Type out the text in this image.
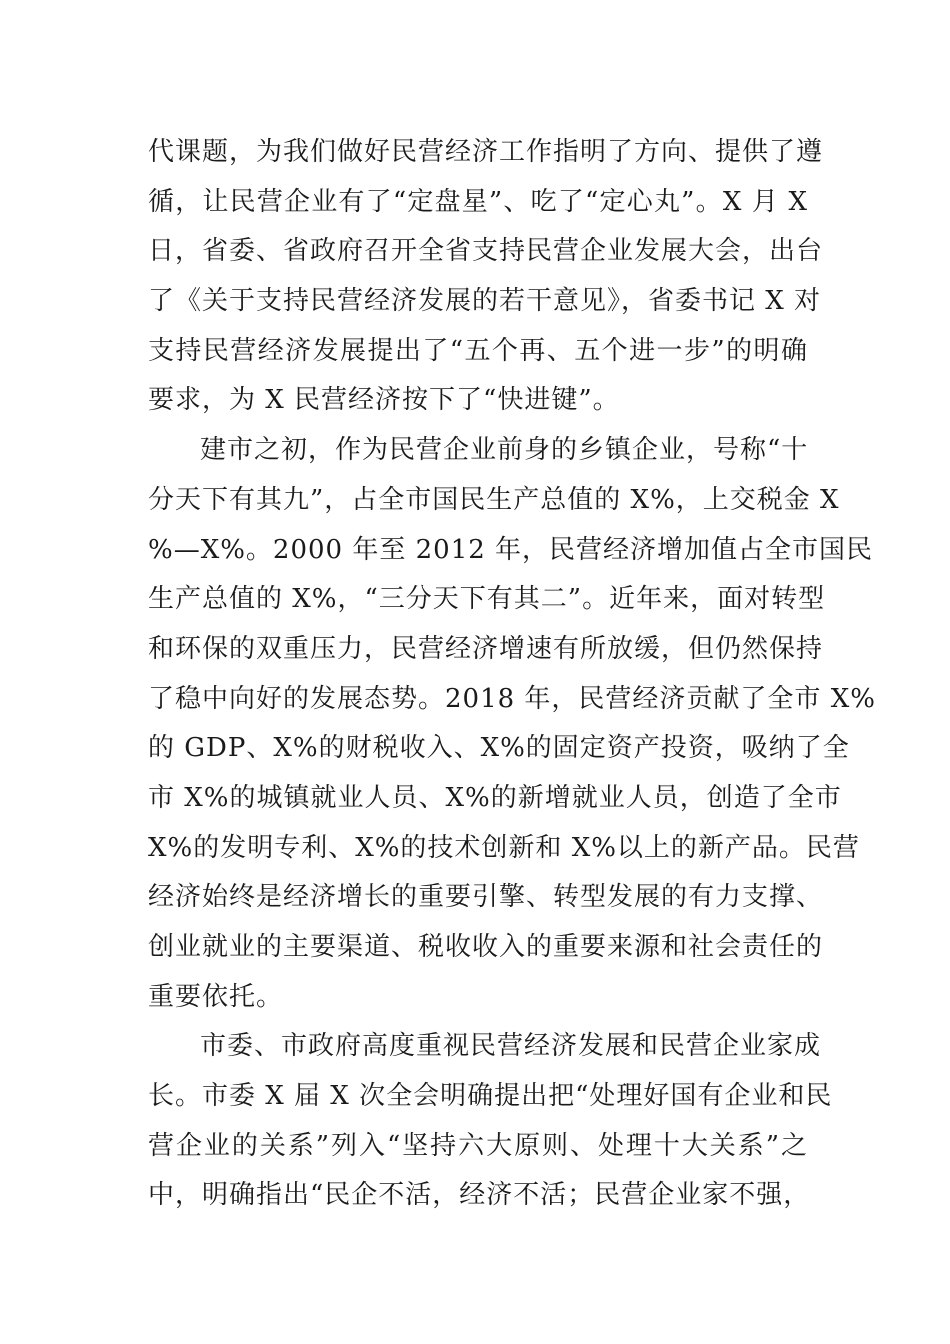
代课题，为我们做好民营经济工作指明了方向、提供了遵
循，让民营企业有了“定盘星”、吃了“定心丸”。X 月 X
日，省委、省政府召开全省支持民营企业发展大会，出台
了《关于支持民营经济发展的若干意见》，省委书记 X 对
支持民营经济发展提出了“五个再、五个进一步”的明确
要求，为 X 民营经济按下了“快进键”。
建市之初，作为民营企业前身的乡镇企业，号称“十
分天下有其九”，占全市国民生产总值的 X%，上交税金 X
%—X%。2000 年至 2012 年，民营经济增加值占全市国民
生产总值的 X%，“三分天下有其二”。近年来，面对转型
和环保的双重压力，民营经济增速有所放缓，但仍然保持
了稳中向好的发展态势。2018 年，民营经济贡献了全市 X%
的 GDP、X%的财税收入、X%的固定资产投资，吸纳了全
市 X%的城镇就业人员、X%的新增就业人员，创造了全市
X%的发明专利、X%的技术创新和 X%以上的新产品。民营
经济始终是经济增长的重要引擎、转型发展的有力支撑、
创业就业的主要渠道、税收收入的重要来源和社会责任的
重要依托。
市委、市政府高度重视民营经济发展和民营企业家成
长。市委 X 届 X 次全会明确提出把“处理好国有企业和民
营企业的关系”列入“坚持六大原则、处理十大关系”之
中，明确指出“民企不活，经济不活；民营企业家不强，
